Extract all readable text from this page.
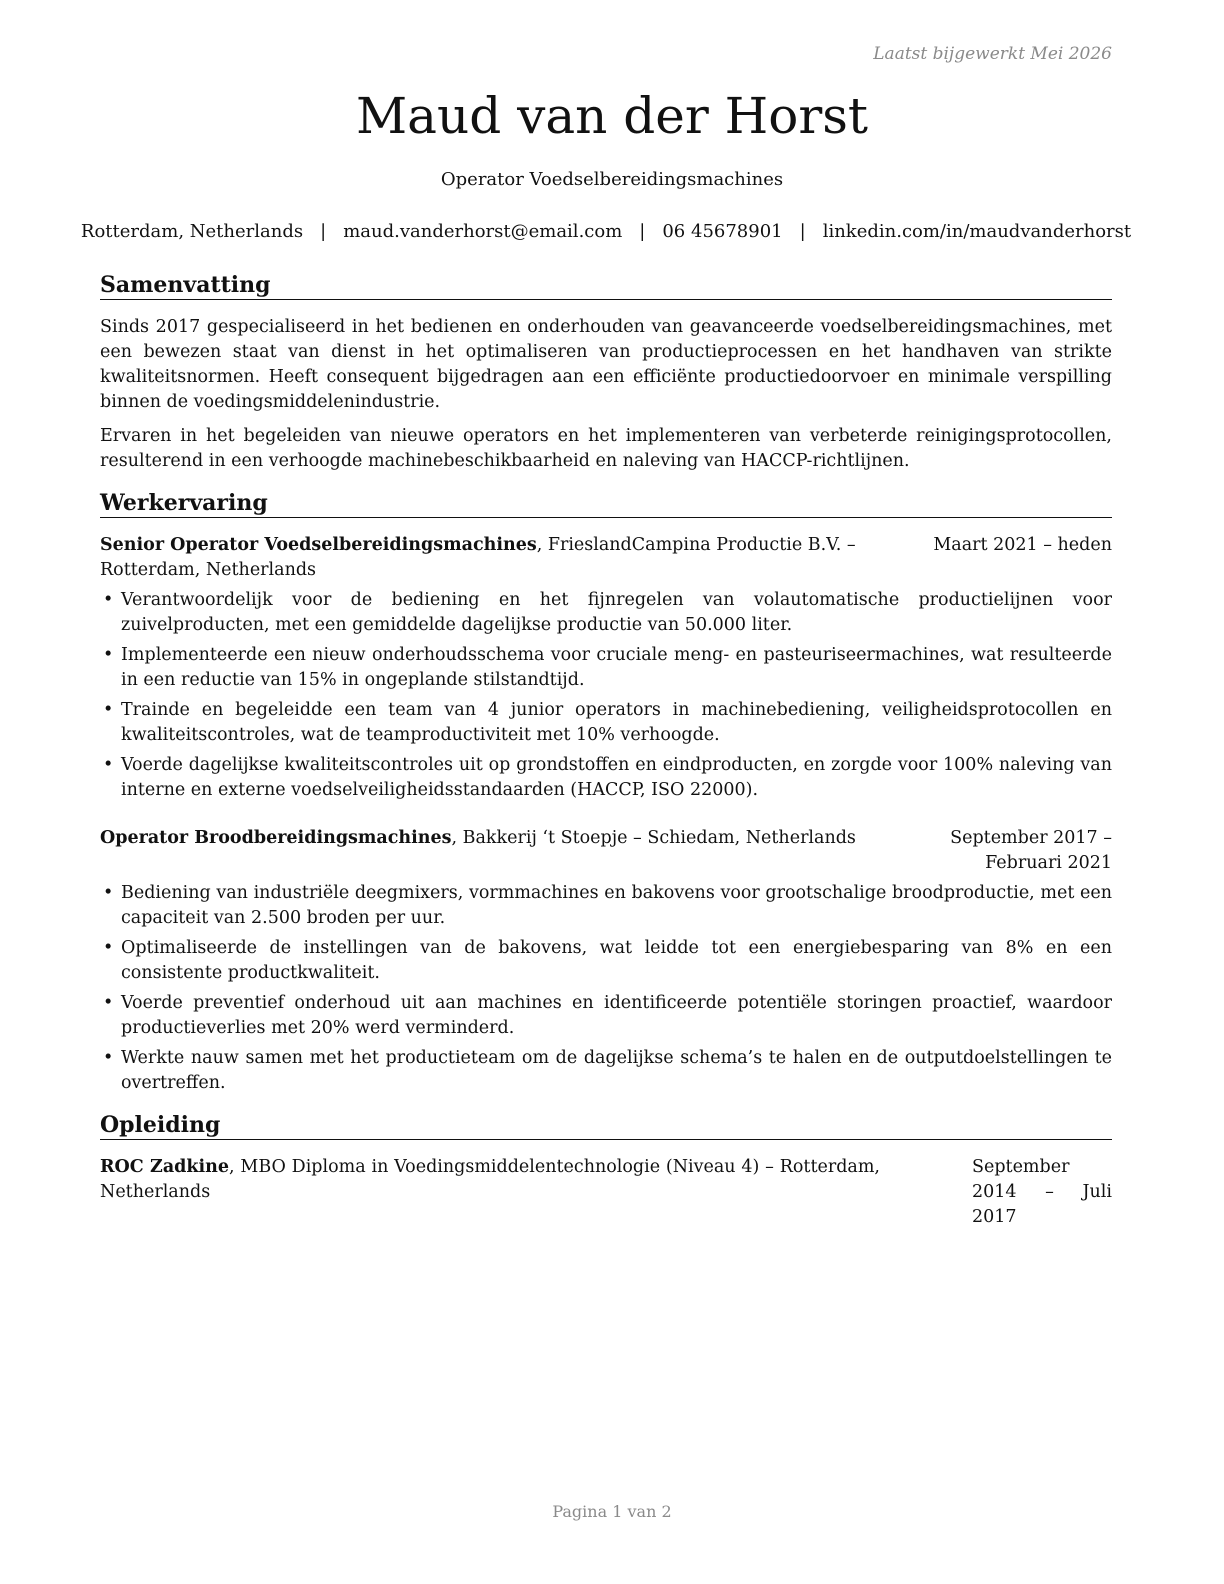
Laatst bijgewerkt Mei 2026
Maud van der Horst
Operator Voedselbereidingsmachines
Rotterdam, Netherlands | maud.vanderhorst@email.com | 06 45678901 | linkedin.com/in/maudvanderhorst
Samenvatting
Sinds 2017 gespecialiseerd in het bedienen en onderhouden van geavanceerde voedselbereidingsmachines, met een bewezen staat van dienst in het optimaliseren van productieprocessen en het handhaven van strikte kwaliteitsnormen. Heeft consequent bijgedragen aan een efficiënte productiedoorvoer en minimale verspilling binnen de voedingsmiddelenindustrie.
Ervaren in het begeleiden van nieuwe operators en het implementeren van verbeterde reinigingsprotocollen, resulterend in een verhoogde machinebeschikbaarheid en naleving van HACCP-richtlijnen.
Werkervaring
Senior Operator Voedselbereidingsmachines, FrieslandCampina Productie B.V. – Rotterdam, Netherlands
Maart 2021 – heden
• Verantwoordelijk voor de bediening en het fijnregelen van volautomatische productielijnen voor zuivelproducten, met een gemiddelde dagelijkse productie van 50.000 liter.
• Implementeerde een nieuw onderhoudsschema voor cruciale meng- en pasteuriseermachines, wat resulteerde in een reductie van 15% in ongeplande stilstandtijd.
• Trainde en begeleidde een team van 4 junior operators in machinebediening, veiligheidsprotocollen en kwaliteitscontroles, wat de teamproductiviteit met 10% verhoogde.
• Voerde dagelijkse kwaliteitscontroles uit op grondstoffen en eindproducten, en zorgde voor 100% naleving van interne en externe voedselveiligheidsstandaarden (HACCP, ISO 22000).
Operator Broodbereidingsmachines, Bakkerij ‘t Stoepje – Schiedam, Netherlands	September 2017 – Februari 2021
• Bediening van industriële deegmixers, vormmachines en bakovens voor grootschalige broodproductie, met een capaciteit van 2.500 broden per uur.
• Optimaliseerde de instellingen van de bakovens, wat leidde tot een energiebesparing van 8% en een consistente productkwaliteit.
• Voerde preventief onderhoud uit aan machines en identificeerde potentiële storingen proactief, waardoor productieverlies met 20% werd verminderd.
• Werkte nauw samen met het productieteam om de dagelijkse schema’s te halen en de outputdoelstellingen te overtreffen.
Opleiding
ROC Zadkine, MBO Diploma in Voedingsmiddelentechnologie (Niveau 4) – Rotterdam, Netherlands
September 2014 – Juli 2017
Pagina 1 van 2
